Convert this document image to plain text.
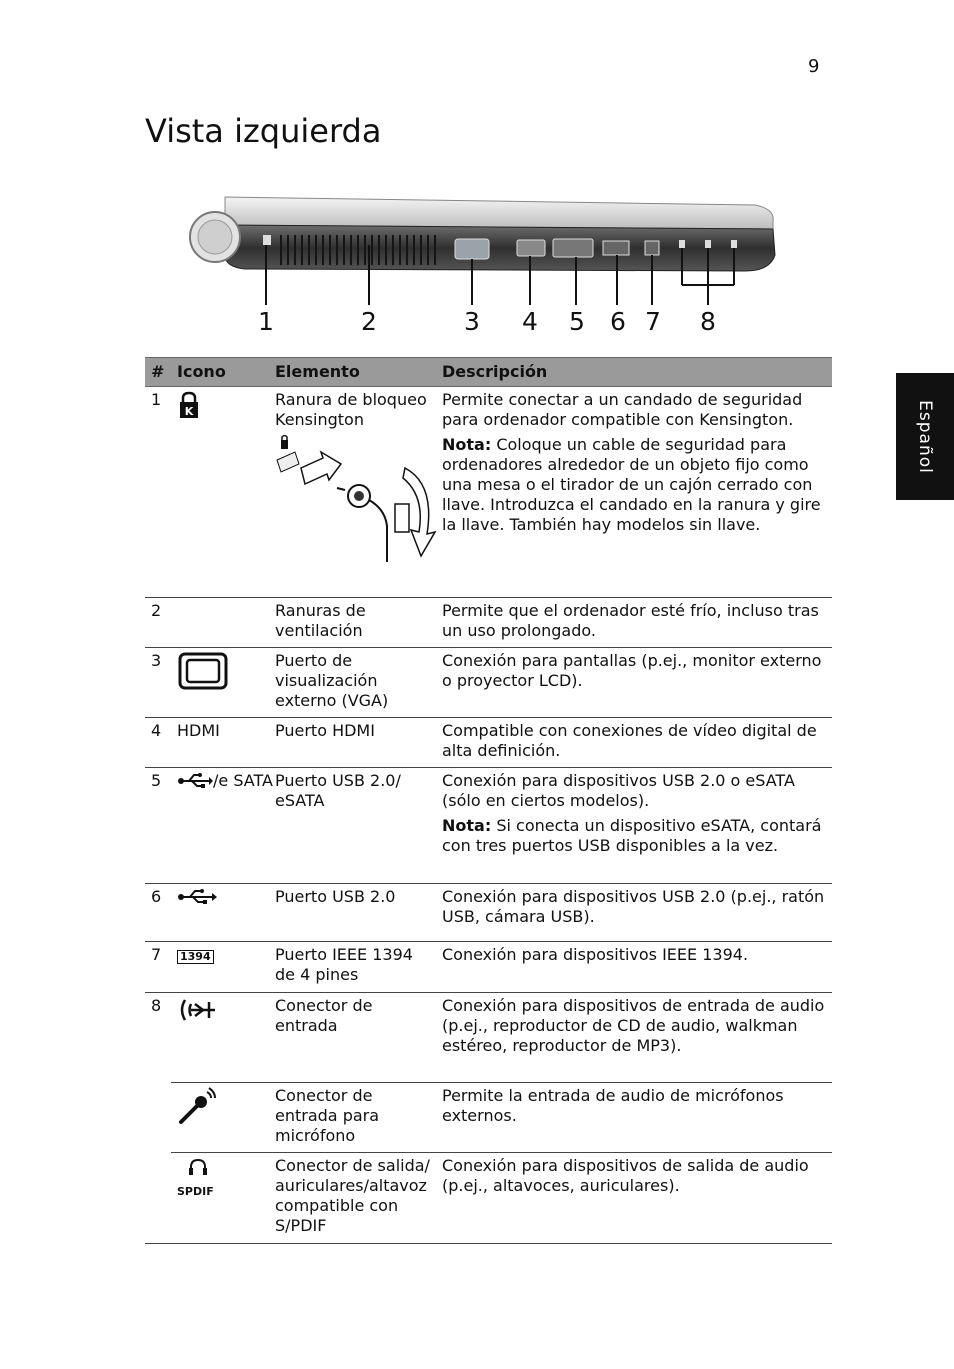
9
Vista izquierda
Español
1	2	3 4 5 6 7 8
#	Icono	Elemento	Descripción
1	K	Ranura de bloqueo Kensington	Permite conectar a un candado de seguridad para ordenador compatible con Kensington.

Nota: Coloque un cable de seguridad para ordenadores alrededor de un objeto fijo como una mesa o el tirador de un cajón cerrado con llave. Introduzca el candado en la ranura y gire la llave. También hay modelos sin llave.

2		Ranuras de ventilación	Permite que el ordenador esté frío, incluso tras un uso prolongado.
3		Puerto de visualización externo (VGA)	Conexión para pantallas (p.ej., monitor externo o proyector LCD).
4	HDMI	Puerto HDMI	Compatible con conexiones de vídeo digital de alta definición.
5	/e SATA	Puerto USB 2.0/ eSATA	Conexión para dispositivos USB 2.0 o eSATA (sólo en ciertos modelos).

Nota: Si conecta un dispositivo eSATA, contará con tres puertos USB disponibles a la vez.

6		Puerto USB 2.0	Conexión para dispositivos USB 2.0 (p.ej., ratón USB, cámara USB).
7	1394	Puerto IEEE 1394 de 4 pines	Conexión para dispositivos IEEE 1394.
8		Conector de entrada	Conexión para dispositivos de entrada de audio (p.ej., reproductor de CD de audio, walkman estéreo, reproductor de MP3).
		Conector de entrada para micrófono	Permite la entrada de audio de micrófonos externos.

	SPDIF	Conector de salida/ auriculares/altavoz compatible con S/PDIF	Conexión para dispositivos de salida de audio (p.ej., altavoces, auriculares).
